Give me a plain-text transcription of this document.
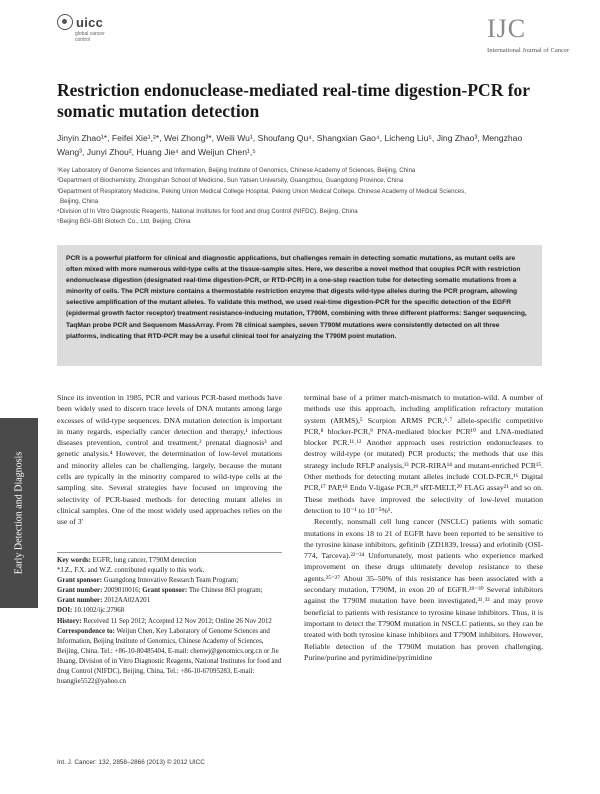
uicc
global cancer control	IJC
International Journal of Cancer
Restriction endonuclease-mediated real-time digestion-PCR for somatic mutation detection
Jinyin Zhao¹*, Feifei Xie¹,²*, Wei Zhong³*, Weili Wu¹, Shoufang Qu⁴, Shangxian Gao⁴, Licheng Liu⁵, Jing Zhao³, Mengzhao Wang³, Junyi Zhou², Huang Jie⁴ and Weijun Chen¹,⁵
¹Key Laboratory of Genome Sciences and Information, Beijing Institute of Genomics, Chinese Academy of Sciences, Beijing, China
²Department of Biochemistry, Zhongshan School of Medicine, Sun Yatsen University, Guangzhou, Guangdong Province, China
³Department of Respiratory Medicine, Peking Union Medical College Hospital, Peking Union Medical College, Chinese Academy of Medical Sciences,
Beijing, China
⁴Division of In Vitro Diagnostic Reagents, National Institutes for food and drug Control (NIFDC), Beijing, China
⁵Beijing BGI-GBI Biotech Co., Ltd, Beijing, China
PCR is a powerful platform for clinical and diagnostic applications, but challenges remain in detecting somatic mutations, as mutant cells are often mixed with more numerous wild-type cells at the tissue-sample sites. Here, we describe a novel method that couples PCR with restriction endonuclease digestion (designated real-time digestion-PCR, or RTD-PCR) in a one-step reaction tube for detecting somatic mutations from a minority of cells. The PCR mixture contains a thermostable restriction enzyme that digests wild-type alleles during the PCR program, allowing selective amplification of the mutant alleles. To validate this method, we used real-time digestion-PCR for the specific detection of the EGFR (epidermal growth factor receptor) treatment resistance-inducing mutation, T790M, combining with three different platforms: Sanger sequencing, TaqMan probe PCR and Sequenom MassArray. From 78 clinical samples, seven T790M mutations were consistently detected on all three platforms, indicating that RTD-PCR may be a useful clinical tool for analyzing the T790M point mutation.
Early Detection and Diagnosis

Since its invention in 1985, PCR and various PCR-based methods have been widely used to discern trace levels of DNA mutants among large excesses of wild-type sequences. DNA mutation detection is important in many regards, especially cancer detection and therapy,¹ infectious diseases prevention, control and treatment,² prenatal diagnosis³ and genetic analysis.⁴ However, the determination of low-level mutations and minority alleles can be challenging, largely, because the mutant cells are typically in the minority compared to wild-type cells at the sampling site. Several strategies have focused on improving the selectivity of PCR-based methods for detecting mutant alleles in clinical samples. One of the most widely used approaches relies on the use of 3′

Key words: EGFR, lung cancer, T790M detection
*J.Z., F.X. and W.Z. contributed equally to this work.
Grant sponsor: Guangdong Innovative Research Team Program;
Grant number: 2009010016; Grant sponsor: The Chinese 863 program; Grant number: 2012AA02A201
DOI: 10.1002/ijc.27968
History: Received 11 Sep 2012; Accepted 12 Nov 2012; Online 26 Nov 2012
Correspondence to: Weijun Chen, Key Laboratory of Genome Sciences and Information, Beijing Institute of Genomics, Chinese Academy of Sciences, Beijing, China. Tel.: +86-10-80485404, E-mail: chenwj@genomics.org.cn or Jie Huang, Division of in Vitro Diagnostic Reagents, National Institutes for food and drug Control (NIFDC), Beijing, China, Tel.: +86-10-67095283, E-mail: huangjie5522@yahoo.cn

terminal base of a primer match-mismatch to mutation-wild. A number of methods use this approach, including amplification refractory mutation system (ARMS),⁵ Scorpion ARMS PCR,⁶˒⁷ allele-specific competitive PCR,⁸ blocker-PCR,⁹ PNA-mediated blocker PCR¹⁰ and LNA-mediated blocker PCR.¹¹˒¹² Another approach uses restriction endonucleases to destroy wild-type (or mutated) PCR products; the methods that use this strategy include RFLP analysis,¹³ PCR-RIRA¹⁴ and mutant-enriched PCR¹⁵. Other methods for detecting mutant alleles include COLD-PCR,¹⁶ Digital PCR,¹⁷ PAP,¹⁸ Endo V-ligase PCR,¹⁹ sRT-MELT,²⁰ FLAG assay²¹ and so on. These methods have improved the selectivity of low-level mutation detection to 10⁻¹ to 10⁻⁵%¹.

Recently, nonsmall cell lung cancer (NSCLC) patients with somatic mutations in exons 18 to 21 of EGFR have been reported to be sensitive to the tyrosine kinase inhibitors, gefitinib (ZD1839, Iressa) and erlotinib (OSI-774, Tarceva).²²⁻²⁴ Unfortunately, most patients who experience marked improvement on these drugs ultimately develop resistance to these agents.²⁵⁻²⁷ About 35–50% of this resistance has been associated with a secondary mutation, T790M, in exon 20 of EGFR.²⁸⁻³⁰ Several inhibitors against the T790M mutation have been investigated,³¹˒³² and may prove beneficial to patients with resistance to tyrosine kinase inhibitors. Thus, it is important to detect the T790M mutation in NSCLC patients, so they can be treated with both tyrosine kinase inhibitors and T790M inhibitors. However, Reliable detection of the T790M mutation has proven challenging. Purine/purine and pyrimidine/pyrimidine

Int. J. Cancer: 132, 2858–2866 (2013) © 2012 UICC
